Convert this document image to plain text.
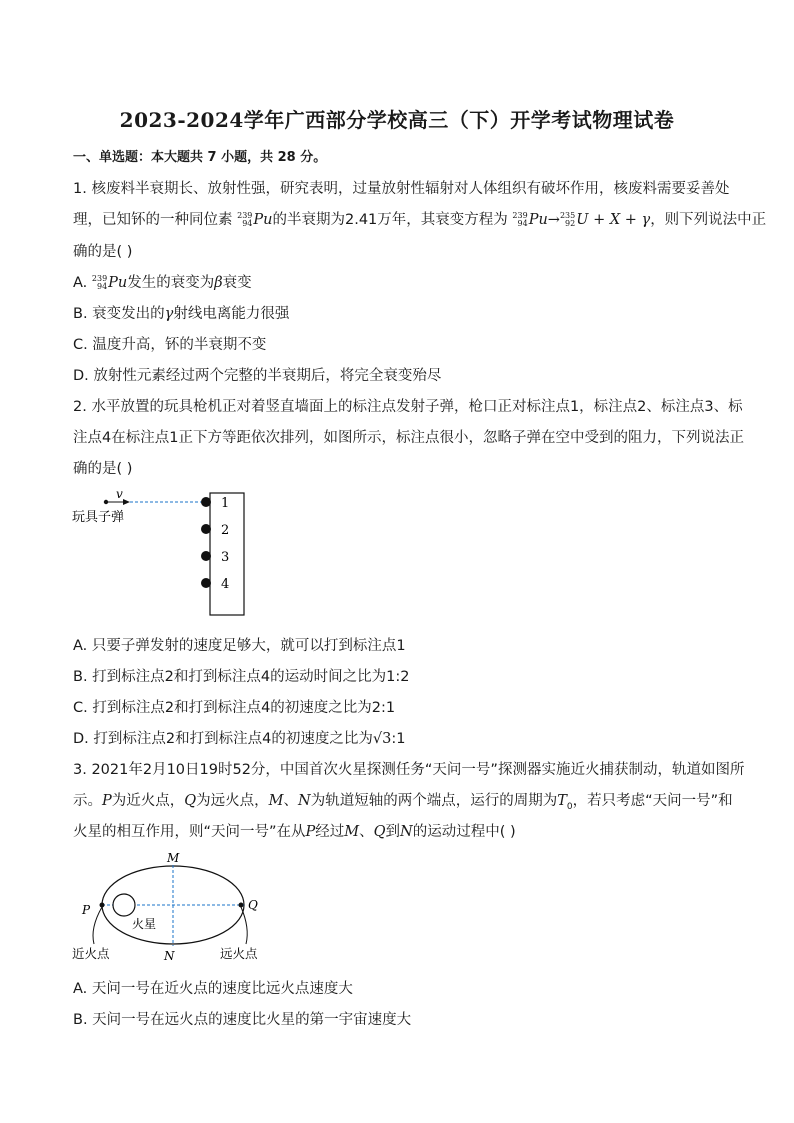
2023-2024学年广西部分学校高三（下）开学考试物理试卷
一、单选题：本大题共 7 小题，共 28 分。
1. 核废料半衰期长、放射性强，研究表明，过量放射性辐射对人体组织有破坏作用，核废料需要妥善处
理，已知钚的一种同位素 239
94 Pu的半衰期为2.41万年，其衰变方程为 239
94 Pu→ 235
92 U + X + γ，则下列说法中正
确的是( )
A. 239
94 Pu发生的衰变为β衰变
B. 衰变发出的γ射线电离能力很强
C. 温度升高，钚的半衰期不变
D. 放射性元素经过两个完整的半衰期后，将完全衰变殆尽
2. 水平放置的玩具枪机正对着竖直墙面上的标注点发射子弹，枪口正对标注点1，标注点2、标注点3、标
注点4在标注点1正下方等距依次排列，如图所示，标注点很小，忽略子弹在空中受到的阻力，下列说法正
确的是( )
v
玩具子弹
1
2
3
4
A. 只要子弹发射的速度足够大，就可以打到标注点1
B. 打到标注点2和打到标注点4的运动时间之比为1:2
C. 打到标注点2和打到标注点4的初速度之比为2:1
D. 打到标注点2和打到标注点4的初速度之比为√3:1
3. 2021年2月10日19时52分，中国首次火星探测任务“天问一号”探测器实施近火捕获制动，轨道如图所
示。P为近火点，Q为远火点，M、N为轨道短轴的两个端点，运行的周期为$T_0$，若只考虑“天问一号”和
火星的相互作用，则“天问一号”在从P经过M、Q到N的运动过程中( )
M
P	Q
N
火星
近火点	远火点
A. 天问一号在近火点的速度比远火点速度大
B. 天问一号在远火点的速度比火星的第一宇宙速度大
